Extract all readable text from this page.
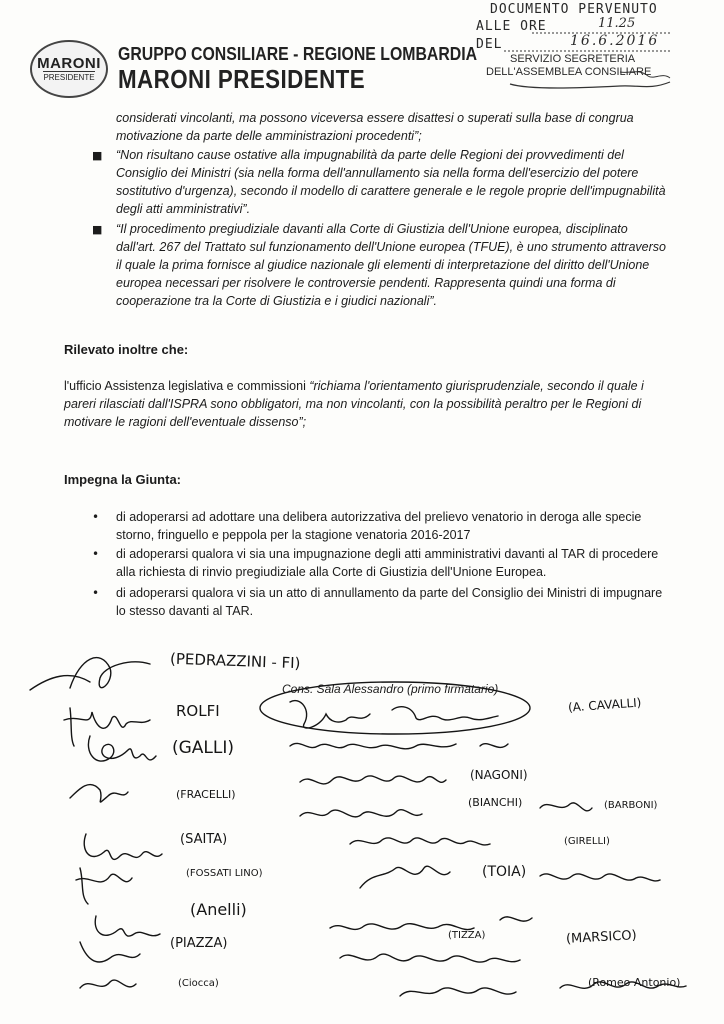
MARONI
PRESIDENTE
GRUPPO CONSILIARE - REGIONE LOMBARDIA
MARONI PRESIDENTE
DOCUMENTO PERVENUTO
ALLE ORE	11.25
DEL	16.6.2016
SERVIZIO SEGRETERIA
DELL'ASSEMBLEA CONSILIARE
considerati vincolanti, ma possono viceversa essere disattesi o superati sulla base di congrua
motivazione da parte delle amministrazioni procedenti”;
■ “Non risultano cause ostative alla impugnabilità da parte delle Regioni dei provvedimenti del
Consiglio dei Ministri (sia nella forma dell'annullamento sia nella forma dell'esercizio del potere
sostitutivo d'urgenza), secondo il modello di carattere generale e le regole proprie dell'impugnabilità
degli atti amministrativi”.
■ “Il procedimento pregiudiziale davanti alla Corte di Giustizia dell'Unione europea, disciplinato
dall'art. 267 del Trattato sul funzionamento dell'Unione europea (TFUE), è uno strumento attraverso
il quale la prima fornisce al giudice nazionale gli elementi di interpretazione del diritto dell'Unione
europea necessari per risolvere le controversie pendenti. Rappresenta quindi una forma di
cooperazione tra la Corte di Giustizia e i giudici nazionali”.
Rilevato inoltre che:
l'ufficio Assistenza legislativa e commissioni “richiama l'orientamento giurisprudenziale, secondo il quale i
pareri rilasciati dall'ISPRA sono obbligatori, ma non vincolanti, con la possibilità peraltro per le Regioni di
motivare le ragioni dell'eventuale dissenso”;
Impegna la Giunta:
• di adoperarsi ad adottare una delibera autorizzativa del prelievo venatorio in deroga alle specie
storno, fringuello e peppola per la stagione venatoria 2016-2017
• di adoperarsi qualora vi sia una impugnazione degli atti amministrativi davanti al TAR di procedere
alla richiesta di rinvio pregiudiziale alla Corte di Giustizia dell'Unione Europea.
• di adoperarsi qualora vi sia un atto di annullamento da parte del Consiglio dei Ministri di impugnare
lo stesso davanti al TAR.
(PEDRAZZINI - FI)
ROLFI	(A. CAVALLI)
(GALLI)
(FRACELLI)
(NAGONI)
(BIANCHI)	(BARBONI)
(SAITA)	(GIRELLI)
(FOSSATI LINO)	(TOIA)
(Anelli)
(PIAZZA)
(TIZZA)	(MARSICO)
(Ciocca)	(Romeo Antonio)
Cons. Sala Alessandro (primo firmatario)
